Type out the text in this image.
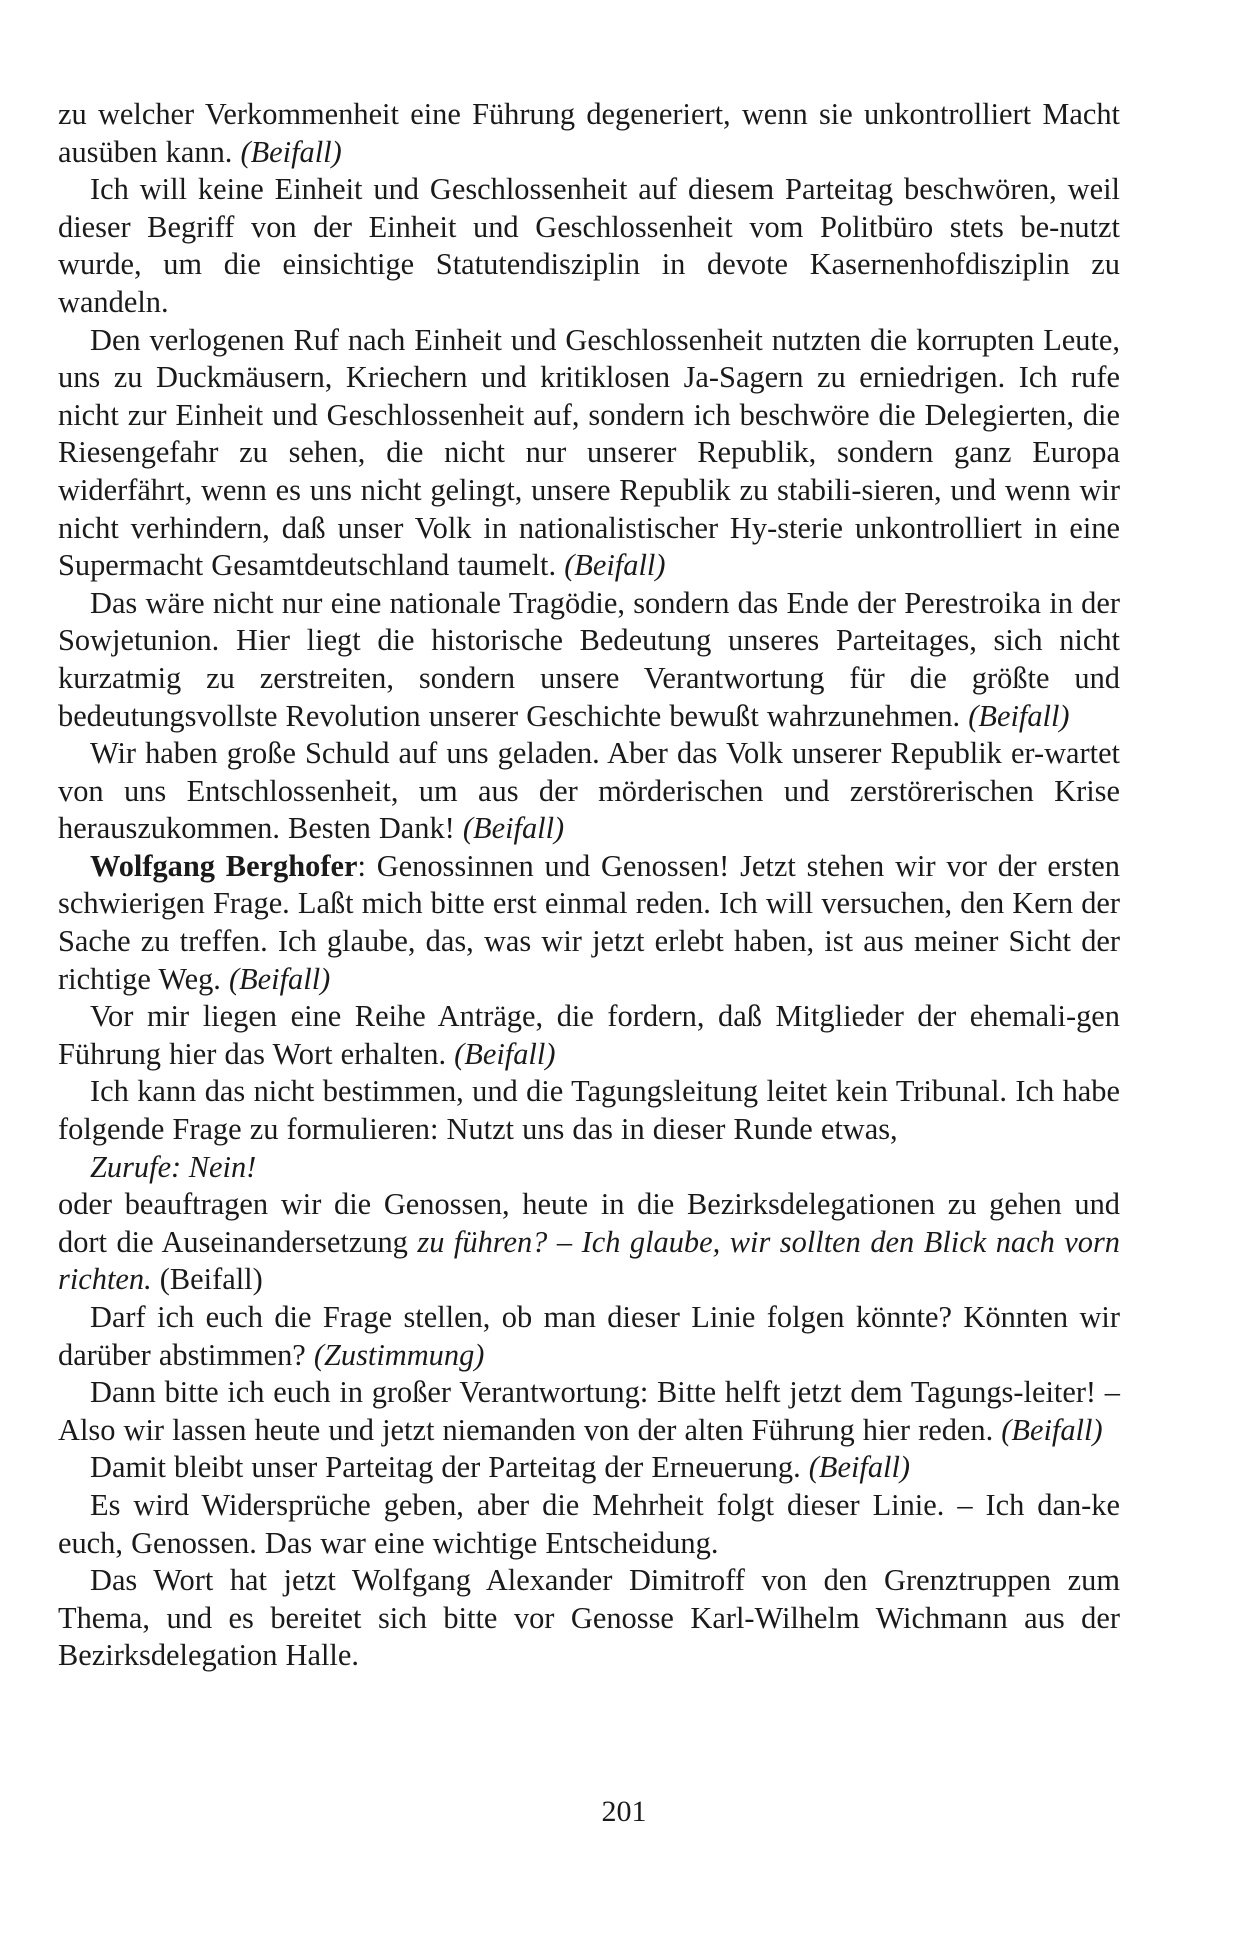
zu welcher Verkommenheit eine Führung degeneriert, wenn sie unkontrolliert Macht ausüben kann. (Beifall)

Ich will keine Einheit und Geschlossenheit auf diesem Parteitag beschwören, weil dieser Begriff von der Einheit und Geschlossenheit vom Politbüro stets be-nutzt wurde, um die einsichtige Statutendisziplin in devote Kasernenhofdisziplin zu wandeln.

Den verlogenen Ruf nach Einheit und Geschlossenheit nutzten die korrupten Leute, uns zu Duckmäusern, Kriechern und kritiklosen Ja-Sagern zu erniedrigen. Ich rufe nicht zur Einheit und Geschlossenheit auf, sondern ich beschwöre die Delegierten, die Riesengefahr zu sehen, die nicht nur unserer Republik, sondern ganz Europa widerfährt, wenn es uns nicht gelingt, unsere Republik zu stabili-sieren, und wenn wir nicht verhindern, daß unser Volk in nationalistischer Hy-sterie unkontrolliert in eine Supermacht Gesamtdeutschland taumelt. (Beifall)

Das wäre nicht nur eine nationale Tragödie, sondern das Ende der Perestroika in der Sowjetunion. Hier liegt die historische Bedeutung unseres Parteitages, sich nicht kurzatmig zu zerstreiten, sondern unsere Verantwortung für die größte und bedeutungsvollste Revolution unserer Geschichte bewußt wahrzunehmen. (Beifall)

Wir haben große Schuld auf uns geladen. Aber das Volk unserer Republik er-wartet von uns Entschlossenheit, um aus der mörderischen und zerstörerischen Krise herauszukommen. Besten Dank! (Beifall)

Wolfgang Berghofer: Genossinnen und Genossen! Jetzt stehen wir vor der ersten schwierigen Frage. Laßt mich bitte erst einmal reden. Ich will versuchen, den Kern der Sache zu treffen. Ich glaube, das, was wir jetzt erlebt haben, ist aus meiner Sicht der richtige Weg. (Beifall)

Vor mir liegen eine Reihe Anträge, die fordern, daß Mitglieder der ehemali-gen Führung hier das Wort erhalten. (Beifall)

Ich kann das nicht bestimmen, und die Tagungsleitung leitet kein Tribunal. Ich habe folgende Frage zu formulieren: Nutzt uns das in dieser Runde etwas,

Zurufe: Nein!

oder beauftragen wir die Genossen, heute in die Bezirksdelegationen zu gehen und dort die Auseinandersetzung zu führen? – Ich glaube, wir sollten den Blick nach vorn richten. (Beifall)

Darf ich euch die Frage stellen, ob man dieser Linie folgen könnte? Könnten wir darüber abstimmen? (Zustimmung)

Dann bitte ich euch in großer Verantwortung: Bitte helft jetzt dem Tagungs-leiter! – Also wir lassen heute und jetzt niemanden von der alten Führung hier reden. (Beifall)

Damit bleibt unser Parteitag der Parteitag der Erneuerung. (Beifall)

Es wird Widersprüche geben, aber die Mehrheit folgt dieser Linie. – Ich dan-ke euch, Genossen. Das war eine wichtige Entscheidung.

Das Wort hat jetzt Wolfgang Alexander Dimitroff von den Grenztruppen zum Thema, und es bereitet sich bitte vor Genosse Karl-Wilhelm Wichmann aus der Bezirksdelegation Halle.

201
